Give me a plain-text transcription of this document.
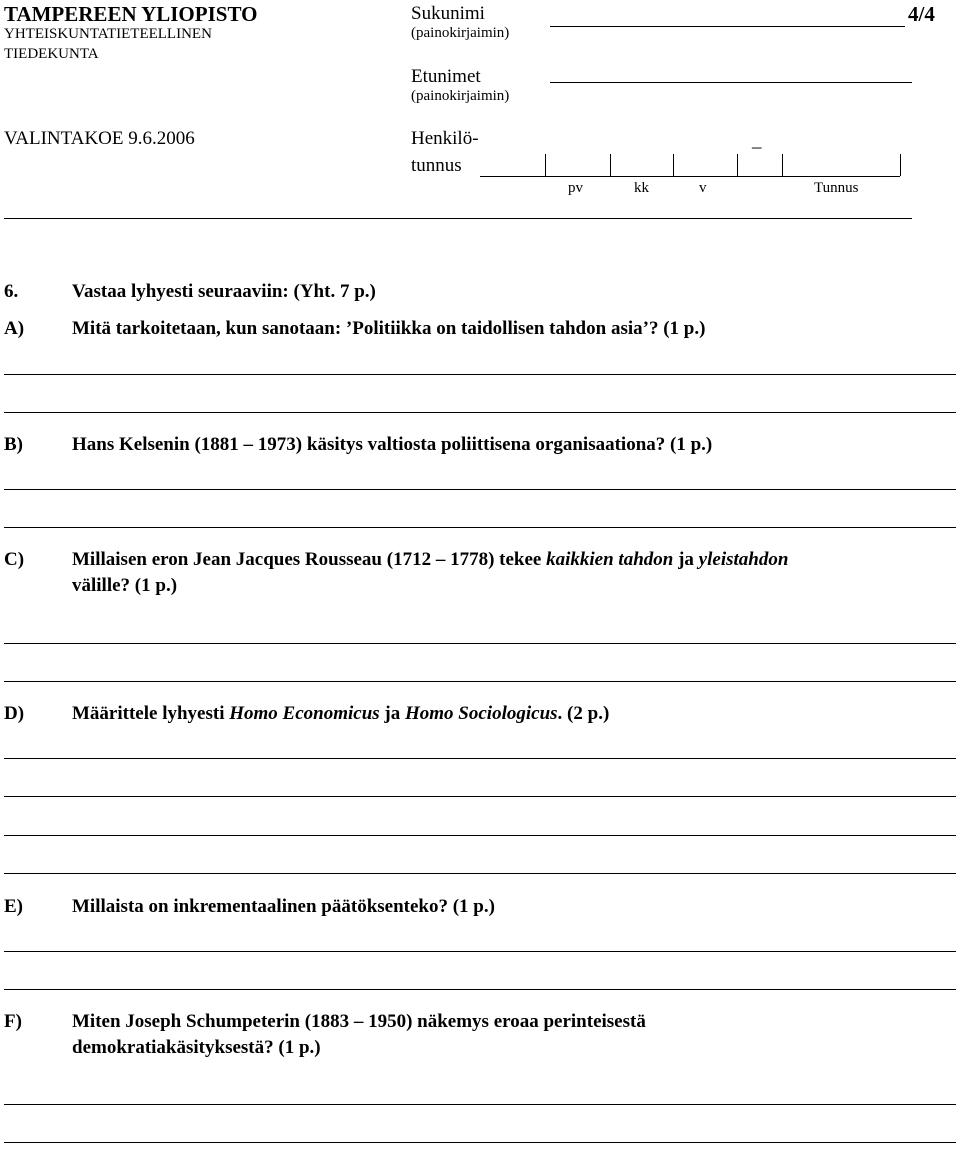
TAMPEREEN YLIOPISTO
YHTEISKUNTATIETEELLINEN
TIEDEKUNTA
VALINTAKOE 9.6.2006
Sukunimi
(painokirjaimin)
4/4
Etunimet
(painokirjaimin)
Henkilö-
tunnus
_
pv	kk	v	Tunnus
6.	Vastaa lyhyesti seuraaviin: (Yht. 7 p.)
A)	Mitä tarkoitetaan, kun sanotaan: ’Politiikka on taidollisen tahdon asia’? (1 p.)
B)	Hans Kelsenin (1881 – 1973) käsitys valtiosta poliittisena organisaationa? (1 p.)
C)	Millaisen eron Jean Jacques Rousseau (1712 – 1778) tekee kaikkien tahdon ja yleistahdon
välille? (1 p.)
D)	Määrittele lyhyesti Homo Economicus ja Homo Sociologicus. (2 p.)
E)	Millaista on inkrementaalinen päätöksenteko? (1 p.)
F)	Miten Joseph Schumpeterin (1883 – 1950) näkemys eroaa perinteisestä
demokratiakäsityksestä? (1 p.)
